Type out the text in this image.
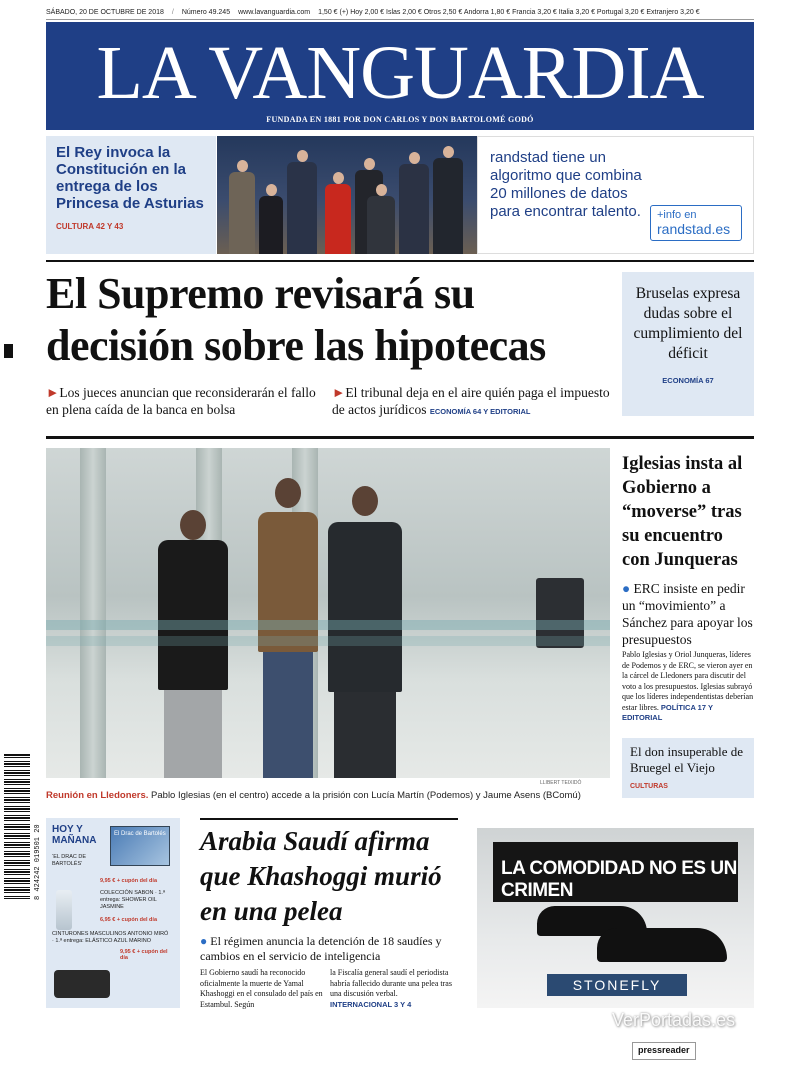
SÁBADO, 20 DE OCTUBRE DE 2018 / Número 49.245 www.lavanguardia.com 1,50 € (+) Hoy 2,00 € Islas 2,00 € Otros 2,50 € Andorra 1,80 € Francia 3,20 € Italia 3,20 € Portugal 3,20 € Extranjero 3,20 €
LA VANGUARDIA
FUNDADA EN 1881 POR DON CARLOS Y DON BARTOLOMÉ GODÓ
El Rey invoca la Constitución en la entrega de los Princesa de Asturias
CULTURA 42 Y 43
randstad tiene un algoritmo que combina 20 millones de datos para encontrar talento.	+info en
randstad.es
El Supremo revisará su decisión sobre las hipotecas
►Los jueces anuncian que reconsiderarán el fallo en plena caída de la banca en bolsa
►El tribunal deja en el aire quién paga el impuesto de actos jurídicos ECONOMÍA 64 Y EDITORIAL
Bruselas expresa dudas sobre el cumplimiento del déficit
ECONOMÍA 67
LLIBERT TEIXIDÓ
Reunión en Lledoners. Pablo Iglesias (en el centro) accede a la prisión con Lucía Martín (Podemos) y Jaume Asens (BComú)
Iglesias insta al Gobierno a “moverse” tras su encuentro con Junqueras
● ERC insiste en pedir un “movimiento” a Sánchez para apoyar los presupuestos
Pablo Iglesias y Oriol Junqueras, líderes de Podemos y de ERC, se vieron ayer en la cárcel de Lledoners para discutir del voto a los presupuestos. Iglesias subrayó que los líderes independentistas deberían estar libres. POLÍTICA 17 Y EDITORIAL
El don insuperable de Bruegel el Viejo CULTURAS
8 424242 019501 20 HOY Y MAÑANA
El Drac de Bartolés
‘EL DRAC DE BARTOLÉS’
9,95 € + cupón del día
COLECCIÓN SABON · 1.ª entrega: SHOWER OIL JASMINE
6,95 € + cupón del día
CINTURONES MASCULINOS ANTONIO MIRÓ · 1.ª entrega: ELÁSTICO AZUL MARINO
9,95 € + cupón del día
Arabia Saudí afirma que Khashoggi murió en una pelea
● El régimen anuncia la detención de 18 saudíes y cambios en el servicio de inteligencia
El Gobierno saudí ha reconocido oficialmente la muerte de Yamal Khashoggi en el consulado del país en Estambul. Según
la Fiscalía general saudí el periodista habría fallecido durante una pelea tras una discusión verbal. INTERNACIONAL 3 Y 4
LA COMODIDAD NO ES UN CRIMEN
STONEFLY
VerPortadas.es
pressreader
